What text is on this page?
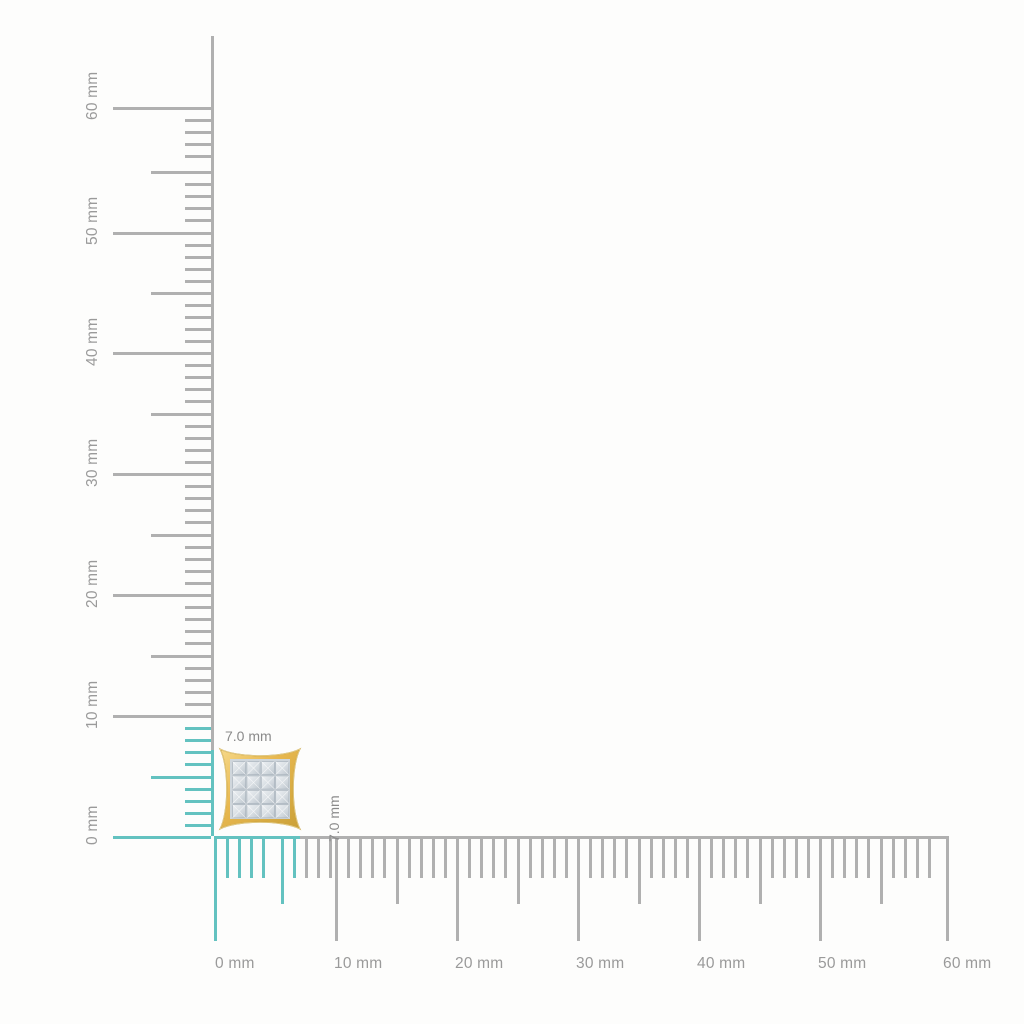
60 mm
50 mm
40 mm
30 mm
20 mm
10 mm
0 mm
0 mm	10 mm	20 mm	30 mm	40 mm	50 mm	60 mm
7.0 mm
7.0 mm
